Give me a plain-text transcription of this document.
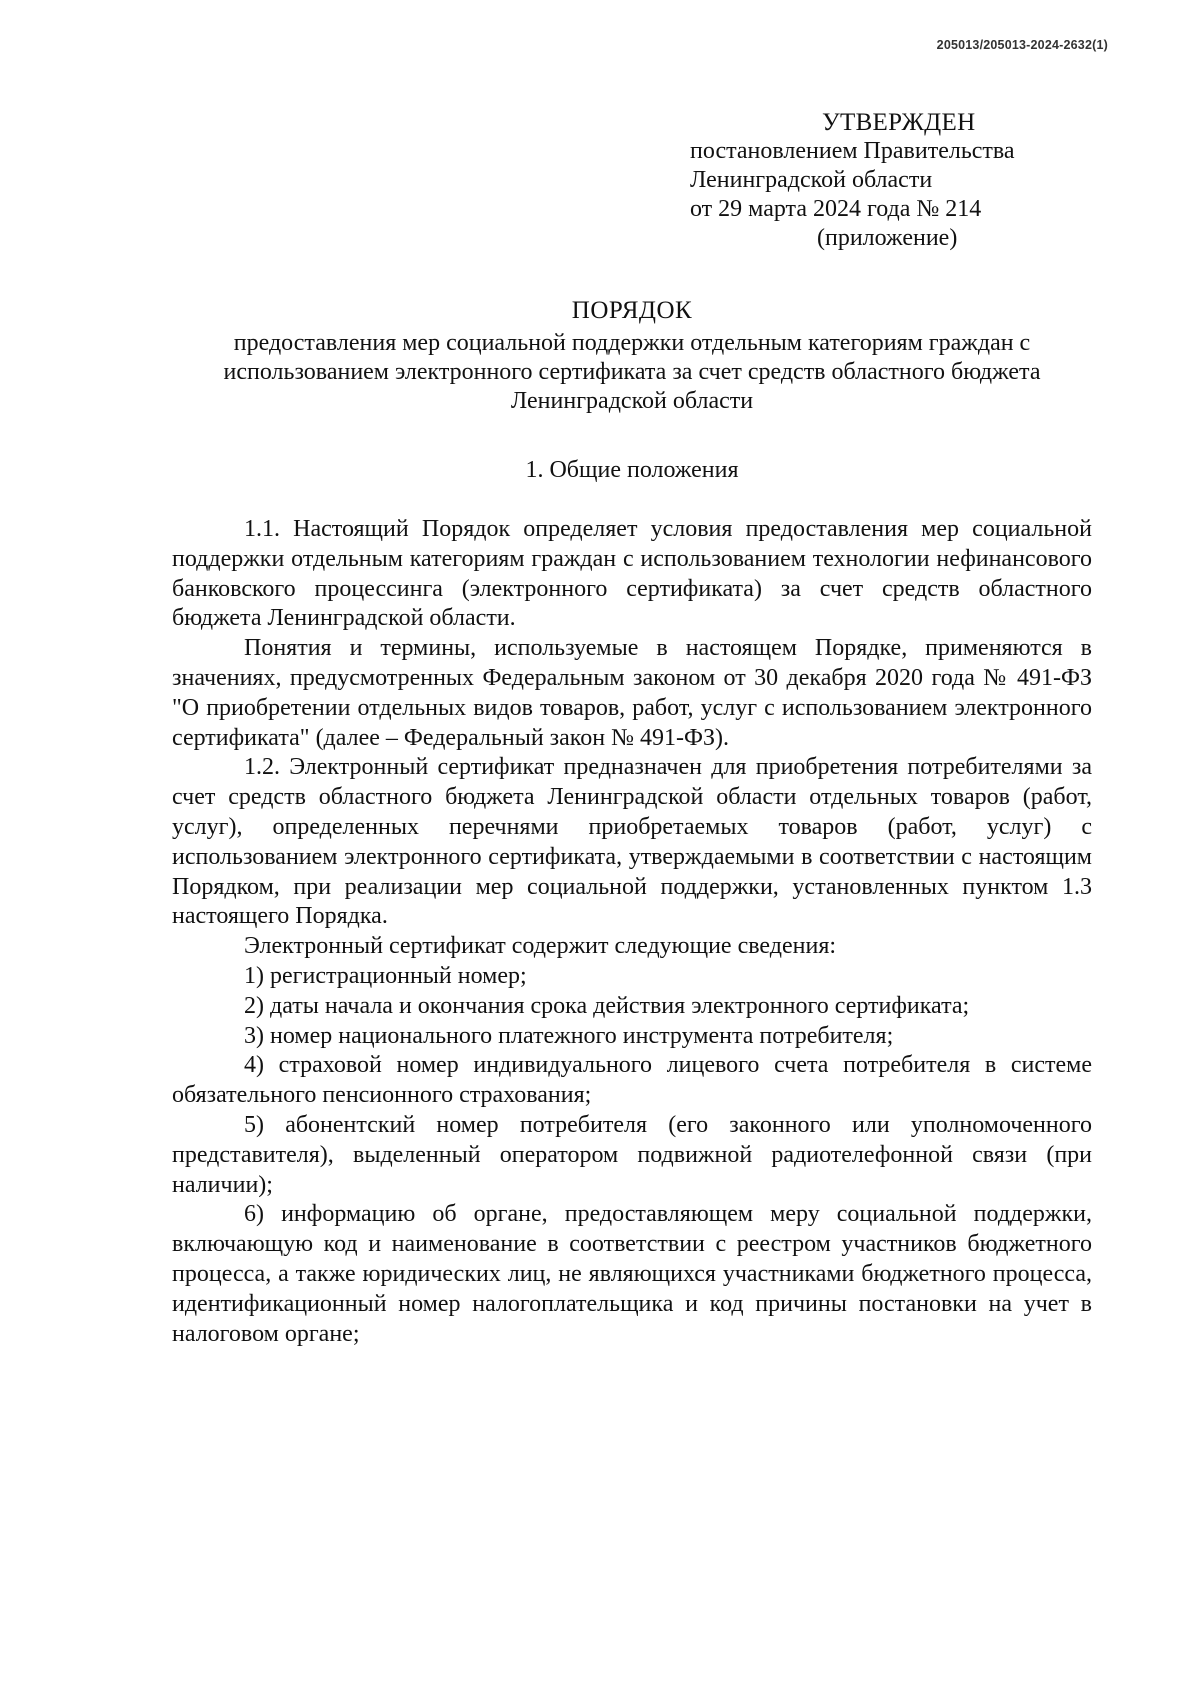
205013/205013-2024-2632(1)
УТВЕРЖДЕН
постановлением Правительства
Ленинградской области
от 29 марта 2024 года № 214
(приложение)
ПОРЯДОК
предоставления мер социальной поддержки отдельным категориям граждан с использованием электронного сертификата за счет средств областного бюджета Ленинградской области
1. Общие положения

1.1. Настоящий Порядок определяет условия предоставления мер социальной поддержки отдельным категориям граждан с использованием технологии нефинансового банковского процессинга (электронного сертификата) за счет средств областного бюджета Ленинградской области.

Понятия и термины, используемые в настоящем Порядке, применяются в значениях, предусмотренных Федеральным законом от 30 декабря 2020 года № 491-ФЗ "О приобретении отдельных видов товаров, работ, услуг с использованием электронного сертификата" (далее – Федеральный закон № 491-ФЗ).

1.2. Электронный сертификат предназначен для приобретения потребителями за счет средств областного бюджета Ленинградской области отдельных товаров (работ, услуг), определенных перечнями приобретаемых товаров (работ, услуг) с использованием электронного сертификата, утверждаемыми в соответствии с настоящим Порядком, при реализации мер социальной поддержки, установленных пунктом 1.3 настоящего Порядка.

Электронный сертификат содержит следующие сведения:

1) регистрационный номер;

2) даты начала и окончания срока действия электронного сертификата;

3) номер национального платежного инструмента потребителя;

4) страховой номер индивидуального лицевого счета потребителя в системе обязательного пенсионного страхования;

5) абонентский номер потребителя (его законного или уполномоченного представителя), выделенный оператором подвижной радиотелефонной связи (при наличии);

6) информацию об органе, предоставляющем меру социальной поддержки, включающую код и наименование в соответствии с реестром участников бюджетного процесса, а также юридических лиц, не являющихся участниками бюджетного процесса, идентификационный номер налогоплательщика и код причины постановки на учет в налоговом органе;
